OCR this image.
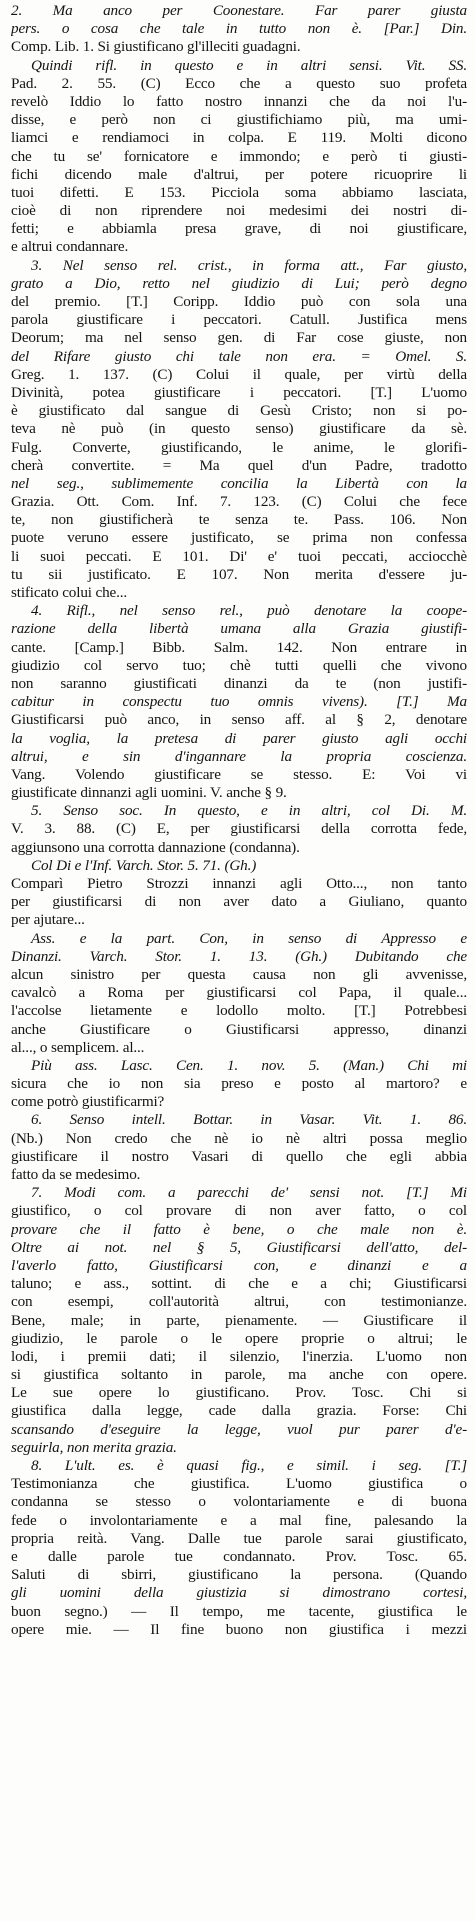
2. Ma anco per Coonestare. Far parer giusta
pers. o cosa che tale in tutto non è. [Par.] Din.
Comp. Lib. 1. Si giustificano gl'illeciti guadagni.
Quindi rifl. in questo e in altri sensi. Vit. SS.
Pad. 2. 55. (C) Ecco che a questo suo profeta
revelò Iddio lo fatto nostro innanzi che da noi l'u-
disse, e però non ci giustifichiamo più, ma umi-
liamci e rendiamoci in colpa. E 119. Molti dicono
che tu se' fornicatore e immondo; e però ti giusti-
fichi dicendo male d'altrui, per potere ricuoprire li
tuoi difetti. E 153. Picciola soma abbiamo lasciata,
cioè di non riprendere noi medesimi dei nostri di-
fetti; e abbiamla presa grave, di noi giustificare,
e altrui condannare.
3. Nel senso rel. crist., in forma att., Far giusto,
grato a Dio, retto nel giudizio di Lui; però degno
del premio. [T.] Coripp. Iddio può con sola una
parola giustificare i peccatori. Catull. Justifica mens
Deorum; ma nel senso gen. di Far cose giuste, non
del Rifare giusto chi tale non era. = Omel. S.
Greg. 1. 137. (C) Colui il quale, per virtù della
Divinità, potea giustificare i peccatori. [T.] L'uomo
è giustificato dal sangue di Gesù Cristo; non si po-
teva nè può (in questo senso) giustificare da sè.
Fulg. Converte, giustificando, le anime, le glorifi-
cherà convertite. = Ma quel d'un Padre, tradotto
nel seg., sublimemente concilia la Libertà con la
Grazia. Ott. Com. Inf. 7. 123. (C) Colui che fece
te, non giustificherà te senza te. Pass. 106. Non
puote veruno essere justificato, se prima non confessa
li suoi peccati. E 101. Di' e' tuoi peccati, acciocchè
tu sii justificato. E 107. Non merita d'essere ju-
stificato colui che...
4. Rifl., nel senso rel., può denotare la coope-
razione della libertà umana alla Grazia giustifi-
cante. [Camp.] Bibb. Salm. 142. Non entrare in
giudizio col servo tuo; chè tutti quelli che vivono
non saranno giustificati dinanzi da te (non justifi-
cabitur in conspectu tuo omnis vivens). [T.] Ma
Giustificarsi può anco, in senso aff. al § 2, denotare
la voglia, la pretesa di parer giusto agli occhi
altrui, e sin d'ingannare la propria coscienza.
Vang. Volendo giustificare se stesso. E: Voi vi
giustificate dinnanzi agli uomini. V. anche § 9.
5. Senso soc. In questo, e in altri, col Di. M.
V. 3. 88. (C) E, per giustificarsi della corrotta fede,
aggiunsono una corrotta dannazione (condanna).
Col Di e l'Inf. Varch. Stor. 5. 71. (Gh.)
Comparì Pietro Strozzi innanzi agli Otto..., non tanto
per giustificarsi di non aver dato a Giuliano, quanto
per ajutare...
Ass. e la part. Con, in senso di Appresso e
Dinanzi. Varch. Stor. 1. 13. (Gh.) Dubitando che
alcun sinistro per questa causa non gli avvenisse,
cavalcò a Roma per giustificarsi col Papa, il quale...
l'accolse lietamente e lodollo molto. [T.] Potrebbesi
anche Giustificare o Giustificarsi appresso, dinanzi
al..., o semplicem. al...
Più ass. Lasc. Cen. 1. nov. 5. (Man.) Chi mi
sicura che io non sia preso e posto al martoro? e
come potrò giustificarmi?
6. Senso intell. Bottar. in Vasar. Vit. 1. 86.
(Nb.) Non credo che nè io nè altri possa meglio
giustificare il nostro Vasari di quello che egli abbia
fatto da se medesimo.
7. Modi com. a parecchi de' sensi not. [T.] Mi
giustifico, o col provare di non aver fatto, o col
provare che il fatto è bene, o che male non è.
Oltre ai not. nel § 5, Giustificarsi dell'atto, del-
l'averlo fatto, Giustificarsi con, e dinanzi e a
taluno; e ass., sottint. di che e a chi; Giustificarsi
con esempi, coll'autorità altrui, con testimonianze.
Bene, male; in parte, pienamente. — Giustificare il
giudizio, le parole o le opere proprie o altrui; le
lodi, i premii dati; il silenzio, l'inerzia. L'uomo non
si giustifica soltanto in parole, ma anche con opere.
Le sue opere lo giustificano. Prov. Tosc. Chi si
giustifica dalla legge, cade dalla grazia. Forse: Chi
scansando d'eseguire la legge, vuol pur parer d'e-
seguirla, non merita grazia.
8. L'ult. es. è quasi fig., e simil. i seg. [T.]
Testimonianza che giustifica. L'uomo giustifica o
condanna se stesso o volontariamente e di buona
fede o involontariamente e a mal fine, palesando la
propria reità. Vang. Dalle tue parole sarai giustificato,
e dalle parole tue condannato. Prov. Tosc. 65.
Saluti di sbirri, giustificano la persona. (Quando
gli uomini della giustizia si dimostrano cortesi,
buon segno.) — Il tempo, me tacente, giustifica le
opere mie. — Il fine buono non giustifica i mezzi
